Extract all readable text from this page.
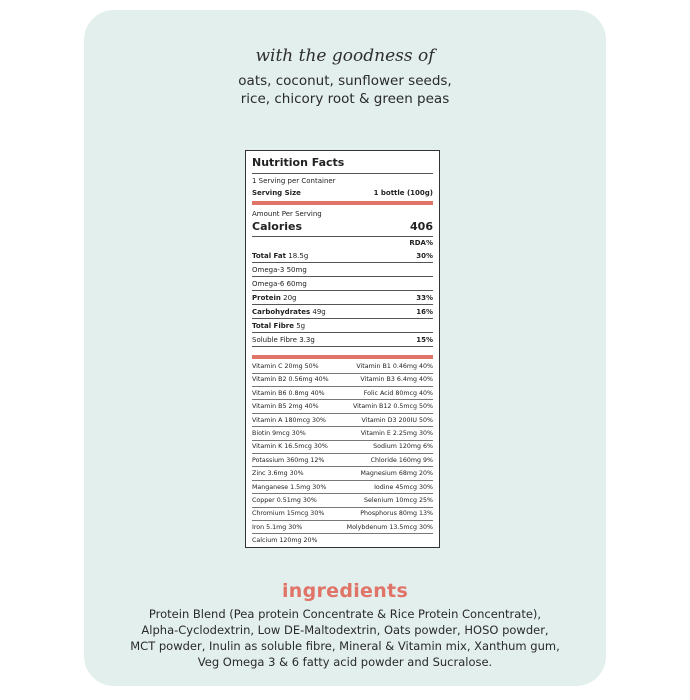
with the goodness of
oats, coconut, sunflower seeds,
rice, chicory root & green peas
Nutrition Facts
1 Serving per Container
Serving Size	1 bottle (100g)
Amount Per Serving
Calories	406
RDA%
Total Fat 18.5g	30%
Omega-3 50mg
Omega-6 60mg
Protein 20g	33%
Carbohydrates 49g	16%
Total Fibre 5g
Soluble Fibre 3.3g	15%
Vitamin C 20mg 50%	Vitamin B1 0.46mg 40%
Vitamin B2 0.56mg 40%	Vitamin B3 6.4mg 40%
Vitamin B6 0.8mg 40%	Folic Acid 80mcg 40%
Vitamin B5 2mg 40%	Vitamin B12 0.5mcg 50%
Vitamin A 180mcg 30%	Vitamin D3 200IU 50%
Biotin 9mcg 30%	Vitamin E 2.25mg 30%
Vitamin K 16.5mcg 30%	Sodium 120mg 6%
Potassium 360mg 12%	Chloride 160mg 9%
Zinc 3.6mg 30%	Magnesium 68mg 20%
Manganese 1.5mg 30%	Iodine 45mcg 30%
Copper 0.51mg 30%	Selenium 10mcg 25%
Chromium 15mcg 30%	Phosphorus 80mg 13%
Iron 5.1mg 30%	Molybdenum 13.5mcg 30%
Calcium 120mg 20%
ingredients
Protein Blend (Pea protein Concentrate & Rice Protein Concentrate),
Alpha-Cyclodextrin, Low DE-Maltodextrin, Oats powder, HOSO powder,
MCT powder, Inulin as soluble fibre, Mineral & Vitamin mix, Xanthum gum,
Veg Omega 3 & 6 fatty acid powder and Sucralose.
